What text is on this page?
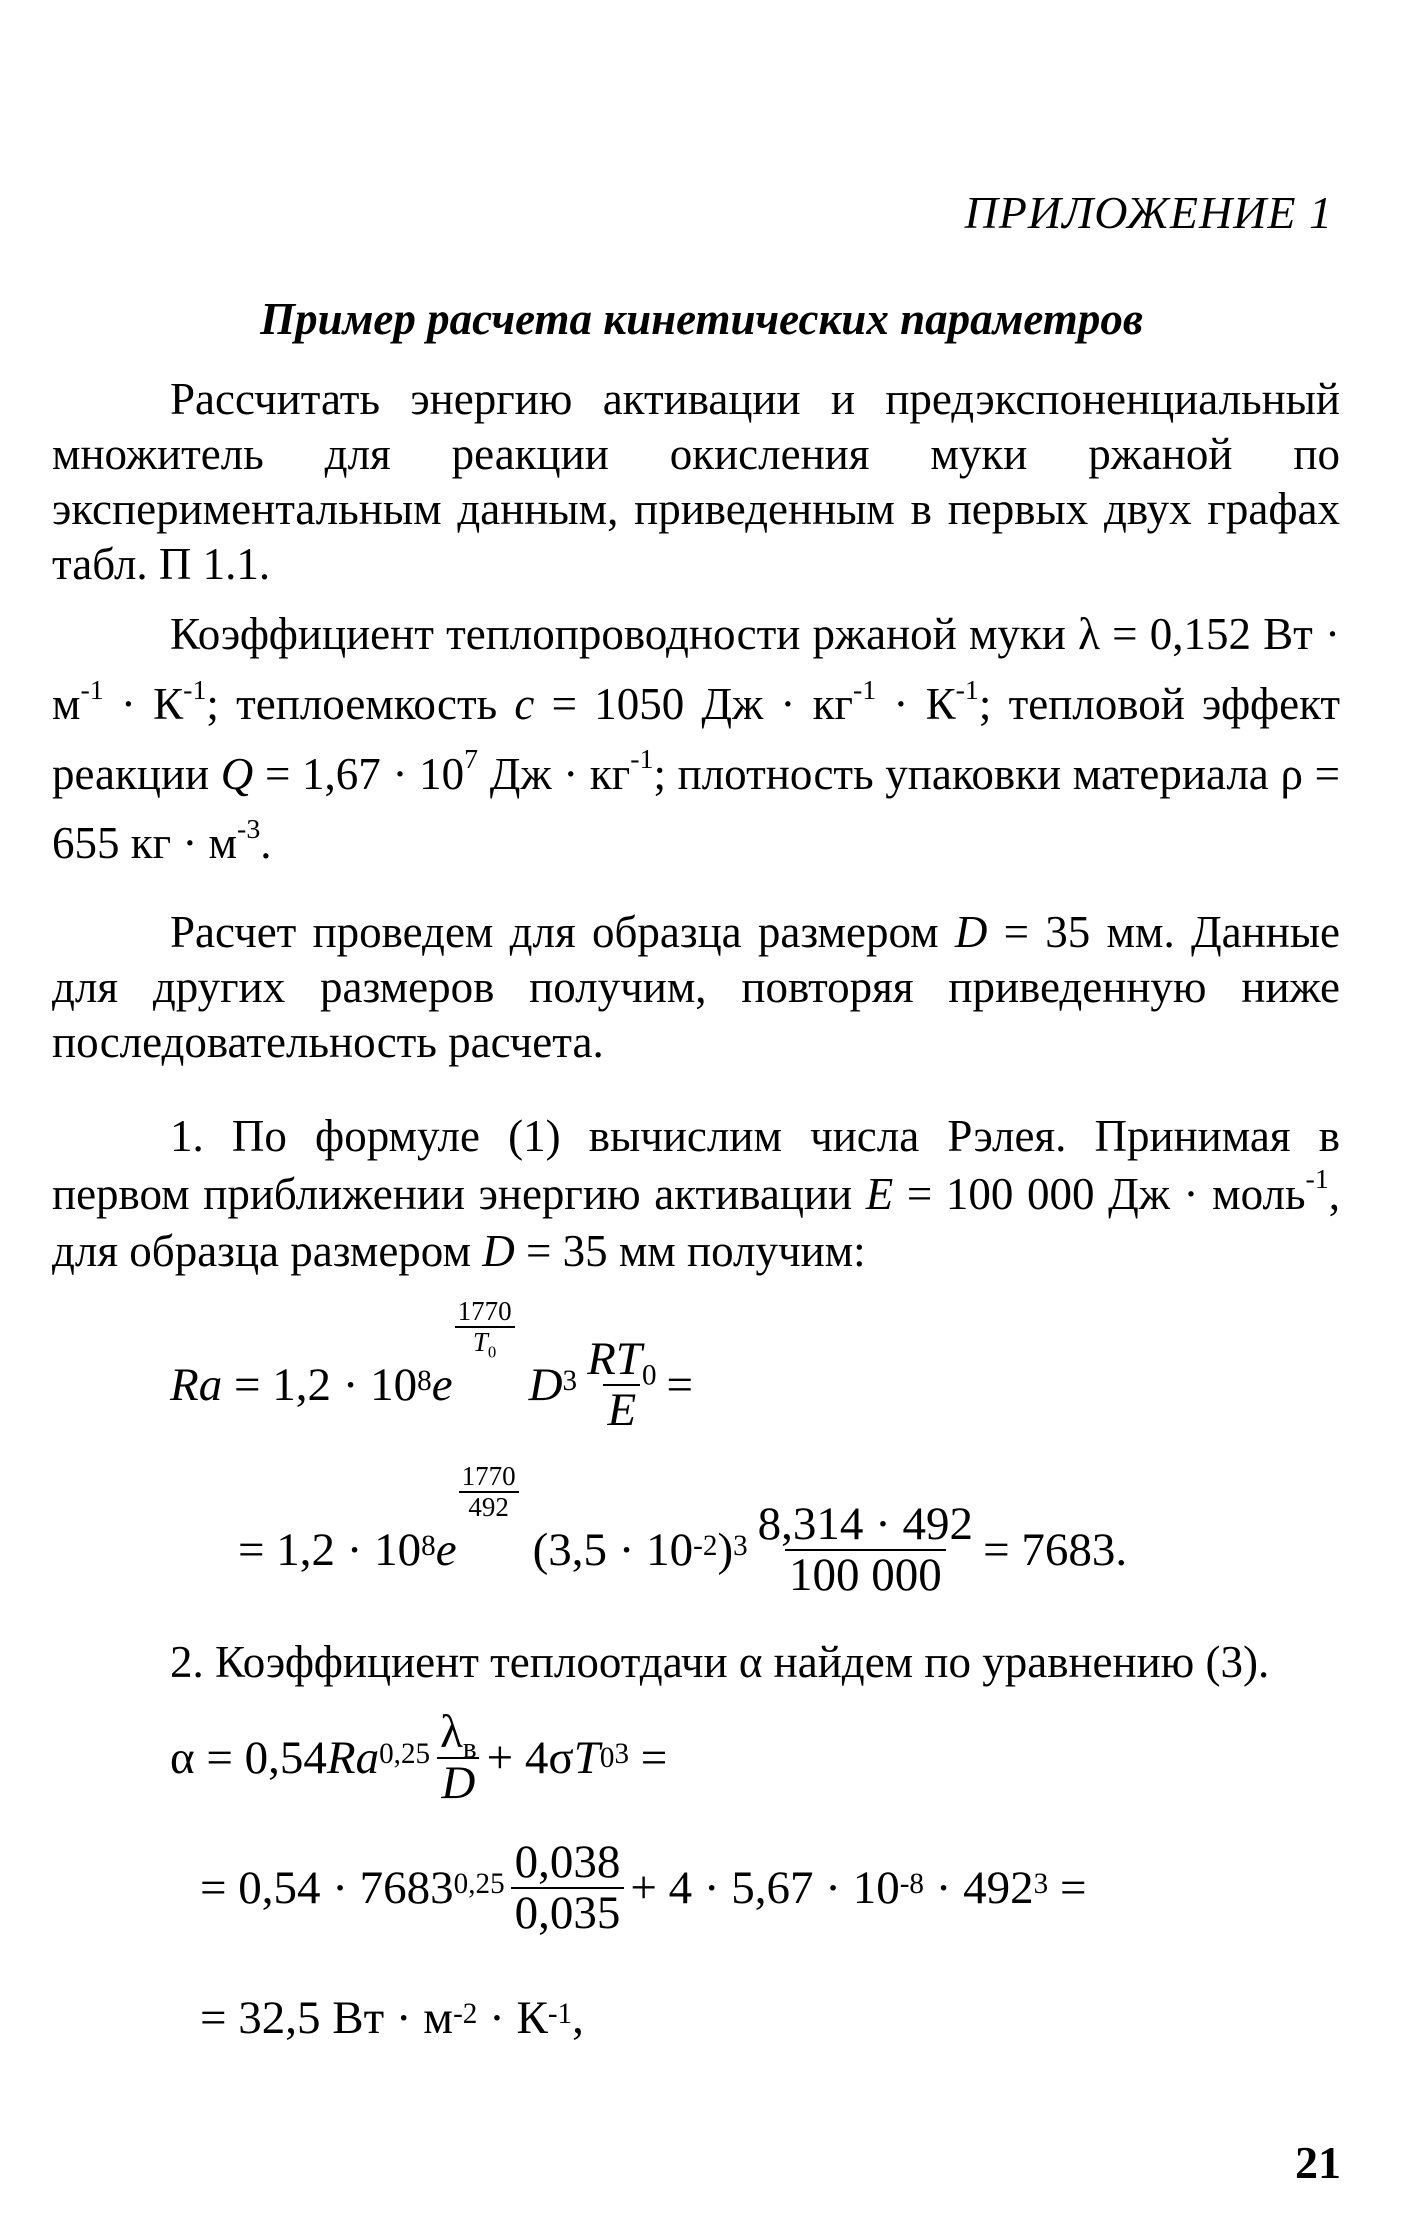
ПРИЛОЖЕНИЕ 1
Пример расчета кинетических параметров
Рассчитать энергию активации и предэкспоненциальный множитель для реакции окисления муки ржаной по экспериментальным данным, приведенным в первых двух графах табл. П 1.1.
Коэффициент теплопроводности ржаной муки λ = 0,152 Вт · $м^{-1} \cdot К^{-1}$; теплоемкость c = 1050 Дж · $кг^{-1} \cdot К^{-1}$; тепловой эффект реакции $Q = 1,67 \cdot 10^7$ Дж · $кг^{-1}$; плотность упаковки материала ρ = 655 кг · $м^{-3}$.
Расчет проведем для образца размером D = 35 мм. Данные для других размеров получим, повторяя приведенную ниже последовательность расчета.
1. По формуле (1) вычислим числа Рэлея. Принимая в первом приближении энергию активации E = 100 000 Дж · моль$^{-1}$, для образца размером D = 35 мм получим:
$Ra = 1,2 \cdot 10^8$ e
$\frac{1770}{T_0}$
$D^3 \frac{RT_0}{E}$ =
= $1,2 \cdot 10^8$ e
$\frac{1770}{492}$
($3,5 \cdot 10^{-2}$ )$^3 \frac{8,314 \cdot 492}{100 000} = 7683$.
2. Коэффициент теплоотдачи α найдем по уравнению (3).
α = 0,54 $Ra^{0,25} \frac{\lambda_в}{D} + 4\sigma$ T $0^3$
=
= $0,54 \cdot 7683^{0,25} \frac{0,038}{0,035} + 4 \cdot 5,67 \cdot 10^{-8}$
· $492^3$
=
= 32,5 Вт · $м^{-2}$
· $К^{-1}$ ,
21
